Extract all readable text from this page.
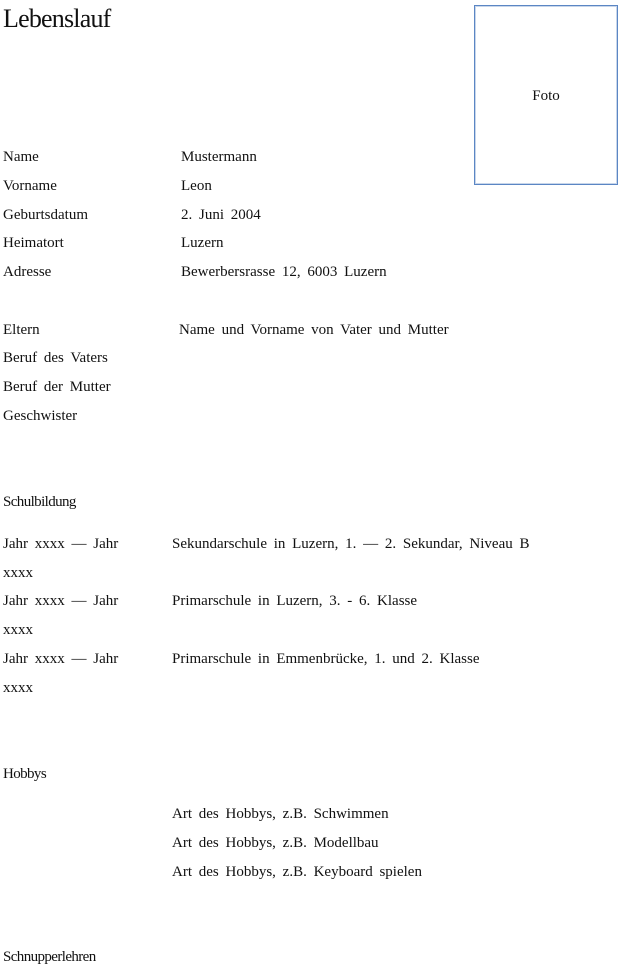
Lebenslauf
Foto
Name	Mustermann
Vorname	Leon
Geburtsdatum	2. Juni 2004
Heimatort	Luzern
Adresse	Bewerbersrasse 12, 6003 Luzern
Eltern	Name und Vorname von Vater und Mutter
Beruf des Vaters
Beruf der Mutter
Geschwister
Schulbildung
Jahr xxxx — Jahr	Sekundarschule in Luzern, 1. — 2. Sekundar, Niveau B
xxxx
Jahr xxxx — Jahr	Primarschule in Luzern, 3. - 6. Klasse
xxxx
Jahr xxxx — Jahr	Primarschule in Emmenbrücke, 1. und 2. Klasse
xxxx
Hobbys
Art des Hobbys, z.B. Schwimmen
Art des Hobbys, z.B. Modellbau
Art des Hobbys, z.B. Keyboard spielen
Schnupperlehren
